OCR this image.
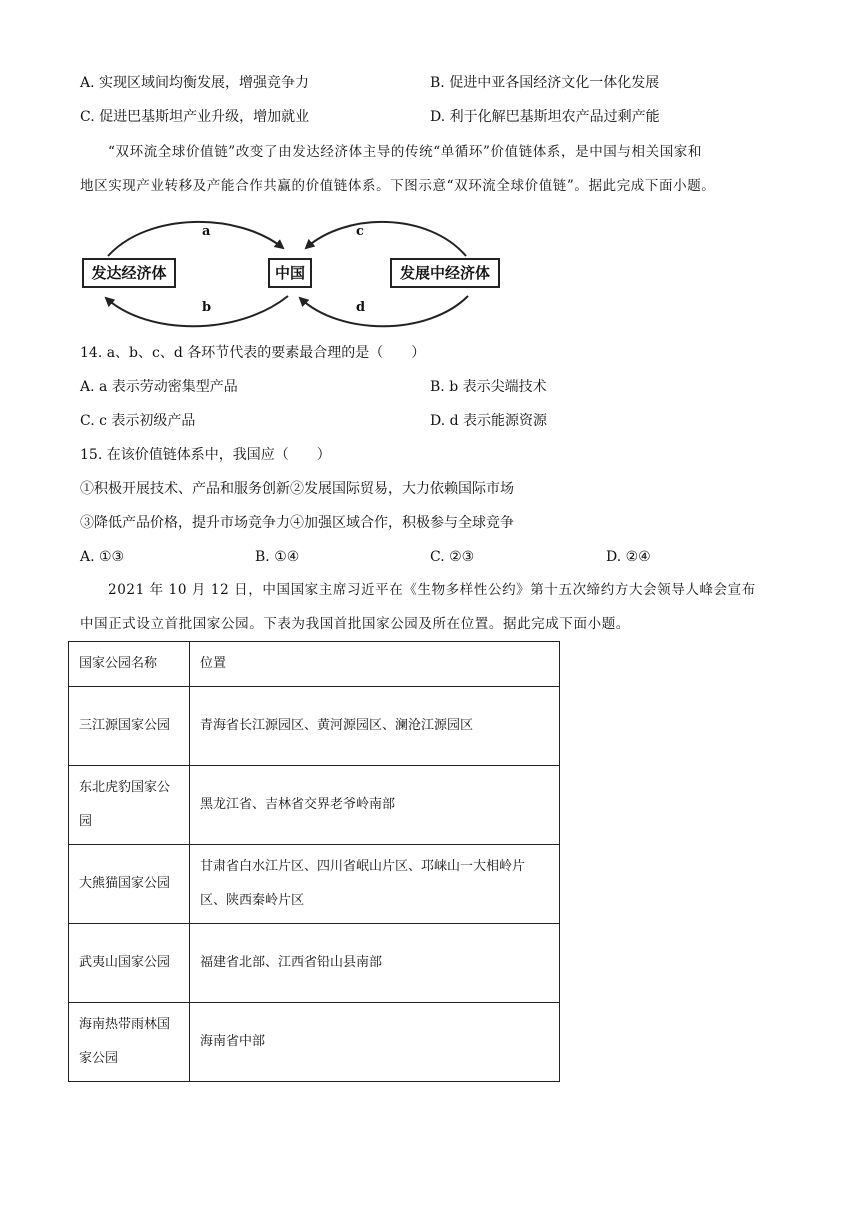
A. 实现区域间均衡发展，增强竞争力	B. 促进中亚各国经济文化一体化发展
C. 促进巴基斯坦产业升级，增加就业	D. 利于化解巴基斯坦农产品过剩产能
“双环流全球价值链”改变了由发达经济体主导的传统“单循环”价值链体系，是中国与相关国家和
地区实现产业转移及产能合作共赢的价值链体系。下图示意“双环流全球价值链”。据此完成下面小题。
发达经济体	中国	发展中经济体
a
b
c
d
14. a、b、c、d 各环节代表的要素最合理的是（　　）
A. a 表示劳动密集型产品	B. b 表示尖端技术
C. c 表示初级产品	D. d 表示能源资源
15. 在该价值链体系中，我国应（　　）
①积极开展技术、产品和服务创新②发展国际贸易，大力依赖国际市场
③降低产品价格，提升市场竞争力④加强区域合作，积极参与全球竞争
A. ①③	B. ①④	C. ②③	D. ②④
2021 年 10 月 12 日，中国国家主席习近平在《生物多样性公约》第十五次缔约方大会领导人峰会宣布
中国正式设立首批国家公园。下表为我国首批国家公园及所在位置。据此完成下面小题。
国家公园名称	位置
三江源国家公园	青海省长江源园区、黄河源园区、澜沧江源园区
东北虎豹国家公园	黑龙江省、吉林省交界老爷岭南部
大熊猫国家公园	甘肃省白水江片区、四川省岷山片区、邛崃山一大相岭片区、陕西秦岭片区
武夷山国家公园	福建省北部、江西省铅山县南部
海南热带雨林国家公园	海南省中部
